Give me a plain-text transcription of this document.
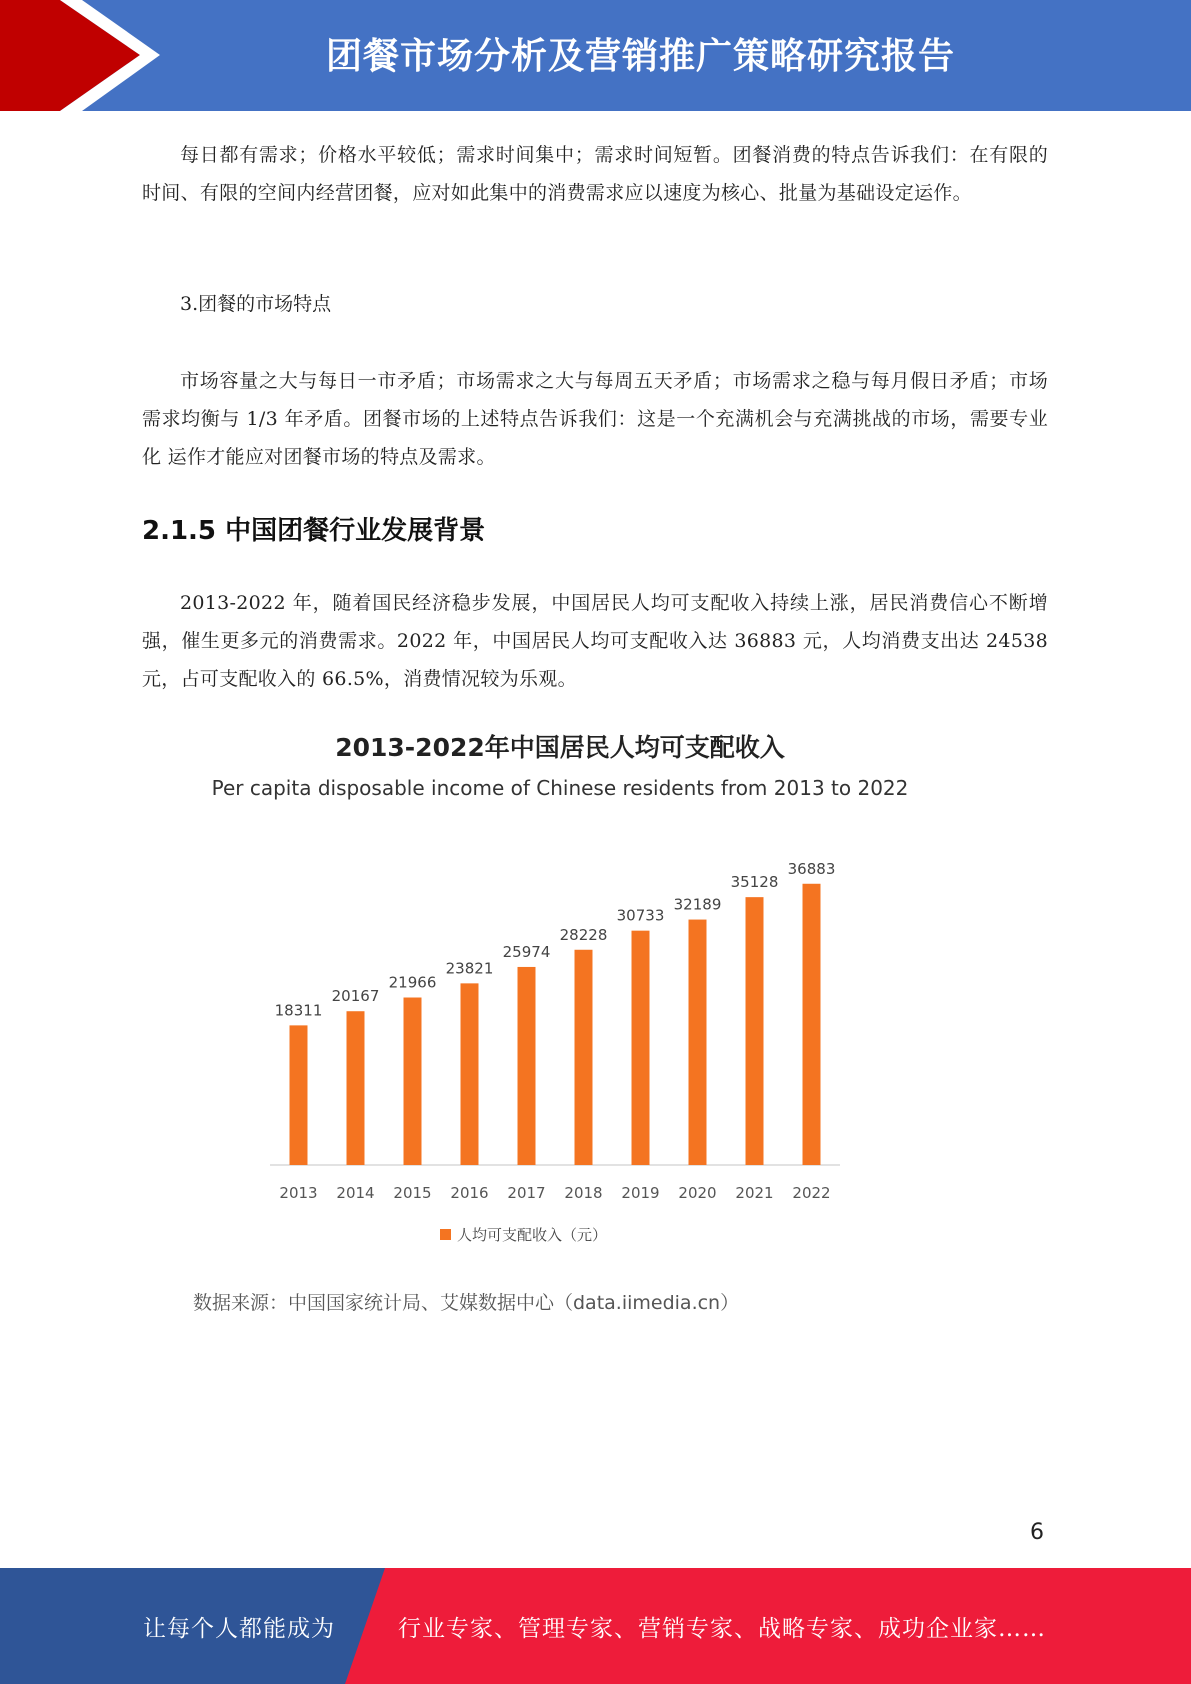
团餐市场分析及营销推广策略研究报告

每日都有需求；价格水平较低；需求时间集中；需求时间短暂。团餐消费的特点告诉我们：在有限的时间、有限的空间内经营团餐，应对如此集中的消费需求应以速度为核心、批量为基础设定运作。

3.团餐的市场特点

市场容量之大与每日一市矛盾；市场需求之大与每周五天矛盾；市场需求之稳与每月假日矛盾；市场需求均衡与 1/3 年矛盾。团餐市场的上述特点告诉我们：这是一个充满机会与充满挑战的市场，需要专业化 运作才能应对团餐市场的特点及需求。

2.1.5 中国团餐行业发展背景

2013-2022 年，随着国民经济稳步发展，中国居民人均可支配收入持续上涨，居民消费信心不断增强，催生更多元的消费需求。2022 年，中国居民人均可支配收入达 36883 元，人均消费支出达 24538 元，占可支配收入的 66.5%，消费情况较为乐观。

2013-2022年中国居民人均可支配收入
Per capita disposable income of Chinese residents from 2013 to 2022
18311
2013
20167
2014
21966
2015
23821
2016
25974
2017
28228
2018
30733
2019
32189
2020
35128
2021
36883
2022
人均可支配收入（元）
数据来源：中国国家统计局、艾媒数据中心（data.iimedia.cn）
6
让每个人都能成为	行业专家、管理专家、营销专家、战略专家、成功企业家……
